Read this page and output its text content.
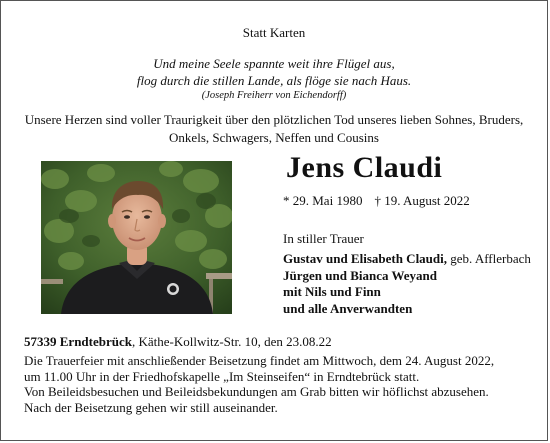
Statt Karten
Und meine Seele spannte weit ihre Flügel aus,
flog durch die stillen Lande, als flöge sie nach Haus.
(Joseph Freiherr von Eichendorff)
Unsere Herzen sind voller Traurigkeit über den plötzlichen Tod unseres lieben Sohnes, Bruders,
Onkels, Schwagers, Neffen und Cousins
Jens Claudi
* 29. Mai 1980 † 19. August 2022
In stiller Trauer
Gustav und Elisabeth Claudi, geb. Afflerbach
Jürgen und Bianca Weyand
mit Nils und Finn
und alle Anverwandten
57339 Erndtebrück, Käthe-Kollwitz-Str. 10, den 23.08.22
Die Trauerfeier mit anschließender Beisetzung findet am Mittwoch, dem 24. August 2022,
um 11.00 Uhr in der Friedhofskapelle „Im Steinseifen“ in Erndtebrück statt.
Von Beileidsbesuchen und Beileidsbekundungen am Grab bitten wir höflichst abzusehen.
Nach der Beisetzung gehen wir still auseinander.
